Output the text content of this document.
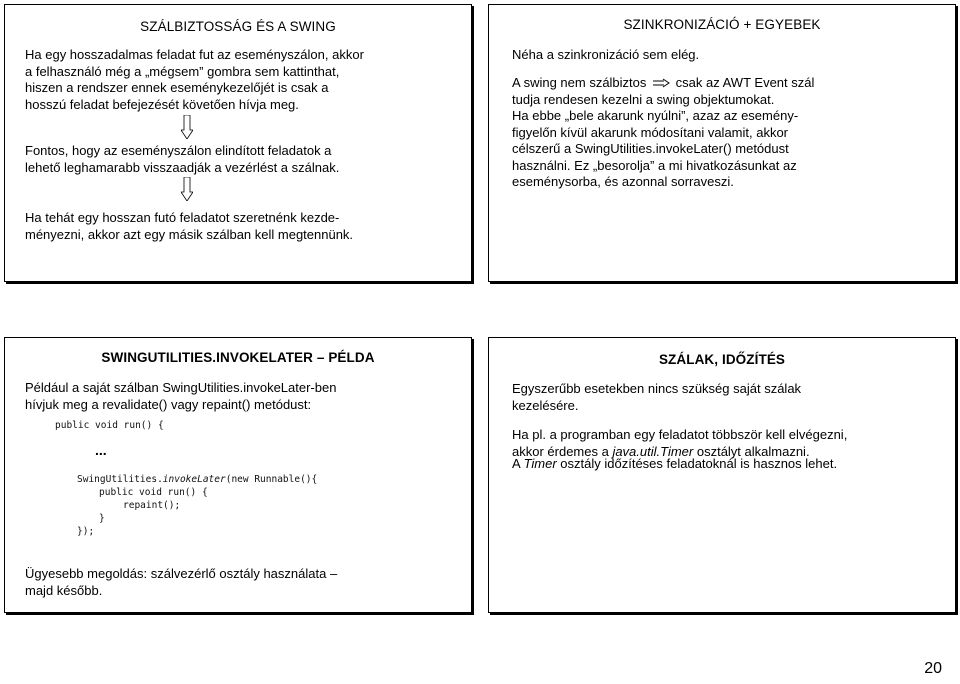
SZÁLBIZTOSSÁG ÉS A SWING
Ha egy hosszadalmas feladat fut az eseményszálon, akkor
a felhasználó még a „mégsem” gombra sem kattinthat,
hiszen a rendszer ennek eseménykezelőjét is csak a
hosszú feladat befejezését követően hívja meg.
Fontos, hogy az eseményszálon elindított feladatok a
lehető leghamarabb visszaadják a vezérlést a szálnak.
Ha tehát egy hosszan futó feladatot szeretnénk kezde-
ményezni, akkor azt egy másik szálban kell megtennünk.
SZINKRONIZÁCIÓ + EGYEBEK
Néha a szinkronizáció sem elég.
A swing nem szálbiztos  csak az AWT Event szál
tudja rendesen kezelni a swing objektumokat.
Ha ebbe „bele akarunk nyúlni”, azaz az esemény-
figyelőn kívül akarunk módosítani valamit, akkor
célszerű a SwingUtilities.invokeLater() metódust
használni. Ez „besorolja” a mi hivatkozásunkat az
eseménysorba, és azonnal sorraveszi.
SWINGUTILITIES.INVOKELATER – PÉLDA
Például a saját szálban SwingUtilities.invokeLater-ben
hívjuk meg a revalidate() vagy repaint() metódust:
public void run() {
...
SwingUtilities.invokeLater(new Runnable(){
public void run() {
repaint();
}
});
Ügyesebb megoldás: szálvezérlő osztály használata –
majd később.
SZÁLAK, IDŐZÍTÉS
Egyszerűbb esetekben nincs szükség saját szálak
kezelésére.
Ha pl. a programban egy feladatot többször kell elvégezni,
akkor érdemes a java.util.Timer osztályt alkalmazni.
A Timer osztály időzítéses feladatoknál is hasznos lehet.
20
